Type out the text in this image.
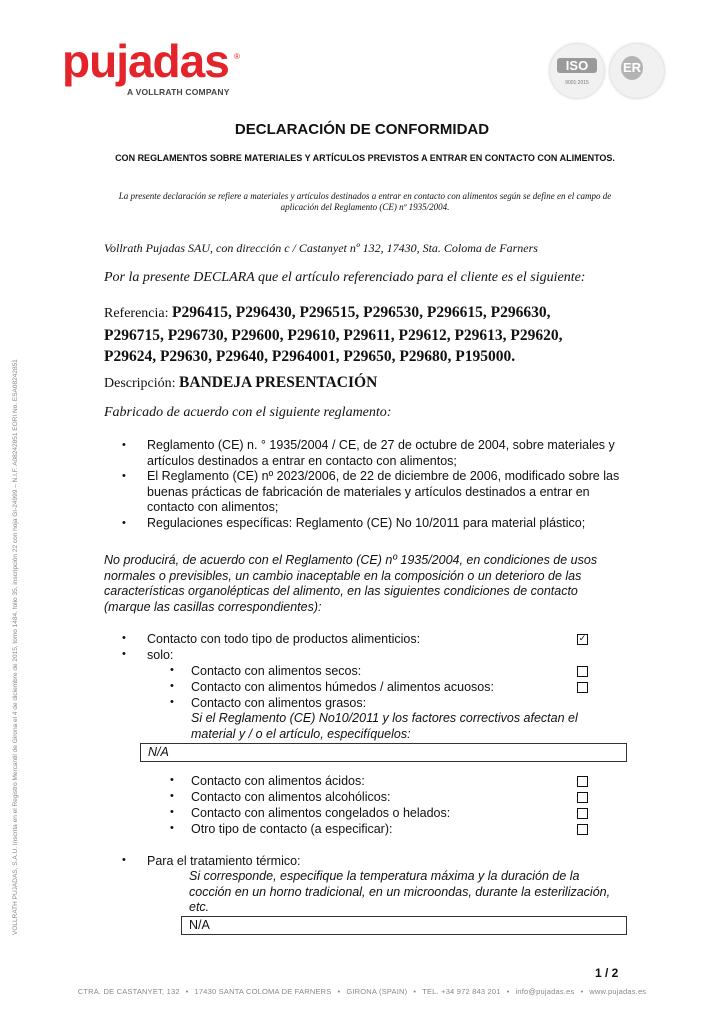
pujadas ®
A VOLLRATH COMPANY
ISO
9001:2015
ER
VOLLRATH PUJADAS, S.A.U. Inscrita en el Registro Mercantil de Girona el 4 de diciembre de 2015, tomo 1484, folio 35, inscripción 22 con hoja GI-24999 – N.I.F. A08242851 EORI No. ESA08242851
DECLARACIÓN DE CONFORMIDAD
CON REGLAMENTOS SOBRE MATERIALES Y ARTÍCULOS PREVISTOS A ENTRAR EN CONTACTO CON ALIMENTOS.
La presente declaración se refiere a materiales y artículos destinados a entrar en contacto con alimentos según se define en el campo de aplicación del Reglamento (CE) nº 1935/2004.
Vollrath Pujadas SAU, con dirección c / Castanyet nº 132, 17430, Sta. Coloma de Farners
Por la presente DECLARA que el artículo referenciado para el cliente es el siguiente:
Referencia: P296415, P296430, P296515, P296530, P296615, P296630,
P296715, P296730, P29600, P29610, P29611, P29612, P29613, P29620,
P29624, P29630, P29640, P2964001, P29650, P29680, P195000.
Descripción: BANDEJA PRESENTACIÓN
Fabricado de acuerdo con el siguiente reglamento:
• Reglamento (CE) n. ° 1935/2004 / CE, de 27 de octubre de 2004, sobre materiales y artículos destinados a entrar en contacto con alimentos;
• El Reglamento (CE) nº 2023/2006, de 22 de diciembre de 2006, modificado sobre las buenas prácticas de fabricación de materiales y artículos destinados a entrar en contacto con alimentos;
• Regulaciones específicas: Reglamento (CE) No 10/2011 para material plástico;
No producirá, de acuerdo con el Reglamento (CE) nº 1935/2004, en condiciones de usos normales o previsibles, un cambio inaceptable en la composición o un deterioro de las características organolépticas del alimento, en las siguientes condiciones de contacto (marque las casillas correspondientes):
• Contacto con todo tipo de productos alimenticios:	✓
• solo:
• Contacto con alimentos secos:
• Contacto con alimentos húmedos / alimentos acuosos:
• Contacto con alimentos grasos:
Si el Reglamento (CE) No10/2011 y los factores correctivos afectan el material y / o el artículo, especifíquelos:
N/A
• Contacto con alimentos ácidos:
• Contacto con alimentos alcohólicos:
• Contacto con alimentos congelados o helados:
• Otro tipo de contacto (a especificar):
• Para el tratamiento térmico:
Si corresponde, especifique la temperatura máxima y la duración de la cocción en un horno tradicional, en un microondas, durante la esterilización, etc.
N/A
1 / 2
CTRA. DE CASTANYET, 132 • 17430 SANTA COLOMA DE FARNERS • GIRONA (SPAIN) • TEL. +34 972 843 201 • info@pujadas.es • www.pujadas.es
